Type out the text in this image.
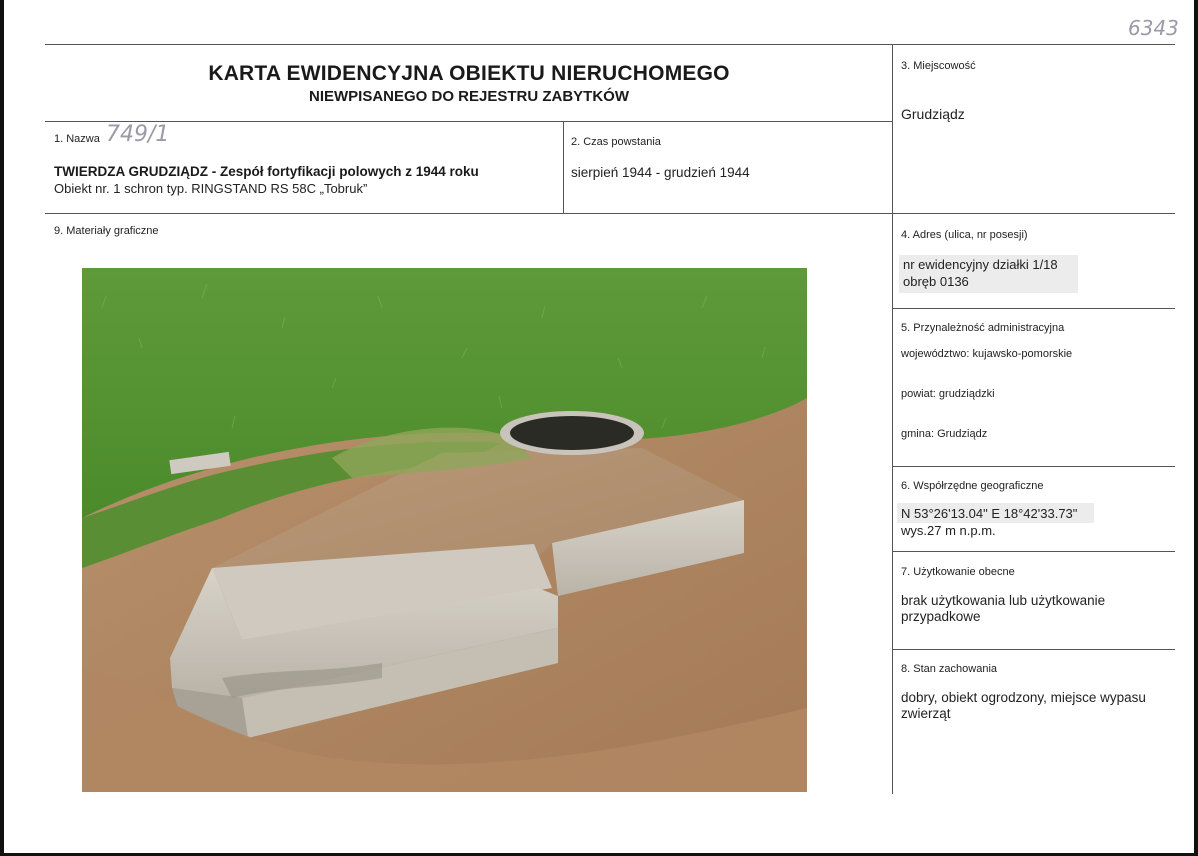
6343
KARTA EWIDENCYJNA OBIEKTU NIERUCHOMEGO
NIEWPISANEGO DO REJESTRU ZABYTKÓW
1. Nazwa 749/1
TWIERDZA GRUDZIĄDZ - Zespół fortyfikacji polowych z 1944 roku
Obiekt nr. 1 schron typ. RINGSTAND RS 58C „Tobruk”
2. Czas powstania
sierpień 1944 - grudzień 1944
3. Miejscowość
Grudziądz
9. Materiały graficzne	4. Adres (ulica, nr posesji)
nr ewidencyjny działki 1/18
obręb 0136
5. Przynależność administracyjna
województwo: kujawsko-pomorskie
powiat: grudziądzki
gmina: Grudziądz
6. Współrzędne geograficzne
N 53°26'13.04" E 18°42'33.73"
wys.27 m n.p.m.
7. Użytkowanie obecne
brak użytkowania lub użytkowanie
przypadkowe
8. Stan zachowania
dobry, obiekt ogrodzony, miejsce wypasu
zwierząt
